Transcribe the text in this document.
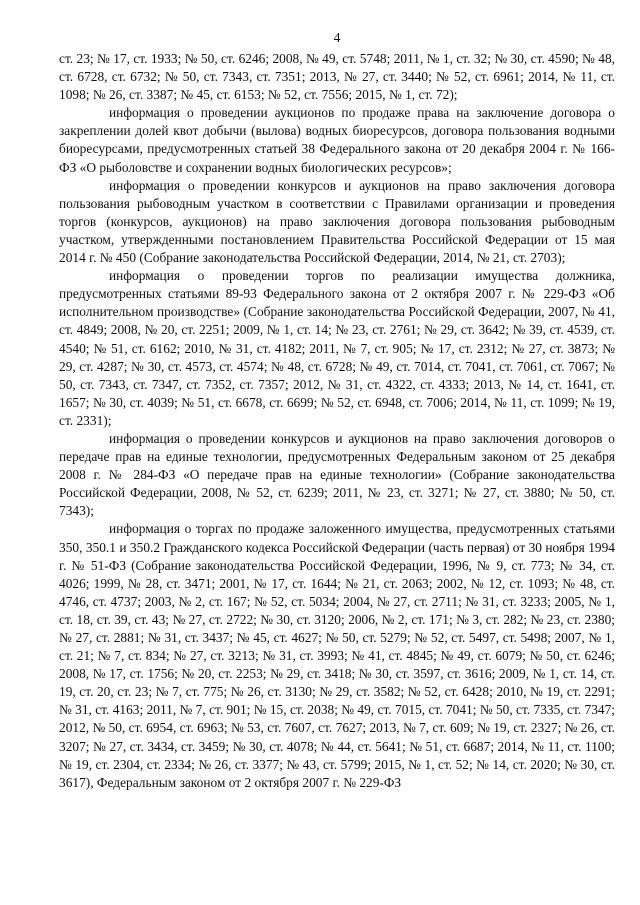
4

ст. 23; № 17, ст. 1933; № 50, ст. 6246; 2008, № 49, ст. 5748; 2011, № 1, ст. 32; № 30, ст. 4590; № 48, ст. 6728, ст. 6732; № 50, ст. 7343, ст. 7351; 2013, № 27, ст. 3440; № 52, ст. 6961; 2014, № 11, ст. 1098; № 26, ст. 3387; № 45, ст. 6153; № 52, ст. 7556; 2015, № 1, ст. 72);

информация о проведении аукционов по продаже права на заключение договора о закреплении долей квот добычи (вылова) водных биоресурсов, договора пользования водными биоресурсами, предусмотренных статьей 38 Федерального закона от 20 декабря 2004 г. № 166-ФЗ «О рыболовстве и сохранении водных биологических ресурсов»;

информация о проведении конкурсов и аукционов на право заключения договора пользования рыбоводным участком в соответствии с Правилами организации и проведения торгов (конкурсов, аукционов) на право заключения договора пользования рыбоводным участком, утвержденными постановлением Правительства Российской Федерации от 15 мая 2014 г. № 450 (Собрание законодательства Российской Федерации, 2014, № 21, ст. 2703);

информация о проведении торгов по реализации имущества должника, предусмотренных статьями 89-93 Федерального закона от 2 октября 2007 г. № 229-ФЗ «Об исполнительном производстве» (Собрание законодательства Российской Федерации, 2007, № 41, ст. 4849; 2008, № 20, ст. 2251; 2009, № 1, ст. 14; № 23, ст. 2761; № 29, ст. 3642; № 39, ст. 4539, ст. 4540; № 51, ст. 6162; 2010, № 31, ст. 4182; 2011, № 7, ст. 905; № 17, ст. 2312; № 27, ст. 3873; № 29, ст. 4287; № 30, ст. 4573, ст. 4574; № 48, ст. 6728; № 49, ст. 7014, ст. 7041, ст. 7061, ст. 7067; № 50, ст. 7343, ст. 7347, ст. 7352, ст. 7357; 2012, № 31, ст. 4322, ст. 4333; 2013, № 14, ст. 1641, ст. 1657; № 30, ст. 4039; № 51, ст. 6678, ст. 6699; № 52, ст. 6948, ст. 7006; 2014, № 11, ст. 1099; № 19, ст. 2331);

информация о проведении конкурсов и аукционов на право заключения договоров о передаче прав на единые технологии, предусмотренных Федеральным законом от 25 декабря 2008 г. № 284-ФЗ «О передаче прав на единые технологии» (Собрание законодательства Российской Федерации, 2008, № 52, ст. 6239; 2011, № 23, ст. 3271; № 27, ст. 3880; № 50, ст. 7343);

информация о торгах по продаже заложенного имущества, предусмотренных статьями 350, 350.1 и 350.2 Гражданского кодекса Российской Федерации (часть первая) от 30 ноября 1994 г. № 51-ФЗ (Собрание законодательства Российской Федерации, 1996, № 9, ст. 773; № 34, ст. 4026; 1999, № 28, ст. 3471; 2001, № 17, ст. 1644; № 21, ст. 2063; 2002, № 12, ст. 1093; № 48, ст. 4746, ст. 4737; 2003, № 2, ст. 167; № 52, ст. 5034; 2004, № 27, ст. 2711; № 31, ст. 3233; 2005, № 1, ст. 18, ст. 39, ст. 43; № 27, ст. 2722; № 30, ст. 3120; 2006, № 2, ст. 171; № 3, ст. 282; № 23, ст. 2380; № 27, ст. 2881; № 31, ст. 3437; № 45, ст. 4627; № 50, ст. 5279; № 52, ст. 5497, ст. 5498; 2007, № 1, ст. 21; № 7, ст. 834; № 27, ст. 3213; № 31, ст. 3993; № 41, ст. 4845; № 49, ст. 6079; № 50, ст. 6246; 2008, № 17, ст. 1756; № 20, ст. 2253; № 29, ст. 3418; № 30, ст. 3597, ст. 3616; 2009, № 1, ст. 14, ст. 19, ст. 20, ст. 23; № 7, ст. 775; № 26, ст. 3130; № 29, ст. 3582; № 52, ст. 6428; 2010, № 19, ст. 2291; № 31, ст. 4163; 2011, № 7, ст. 901; № 15, ст. 2038; № 49, ст. 7015, ст. 7041; № 50, ст. 7335, ст. 7347; 2012, № 50, ст. 6954, ст. 6963; № 53, ст. 7607, ст. 7627; 2013, № 7, ст. 609; № 19, ст. 2327; № 26, ст. 3207; № 27, ст. 3434, ст. 3459; № 30, ст. 4078; № 44, ст. 5641; № 51, ст. 6687; 2014, № 11, ст. 1100; № 19, ст. 2304, ст. 2334; № 26, ст. 3377; № 43, ст. 5799; 2015, № 1, ст. 52; № 14, ст. 2020; № 30, ст. 3617), Федеральным законом от 2 октября 2007 г. № 229-ФЗ
